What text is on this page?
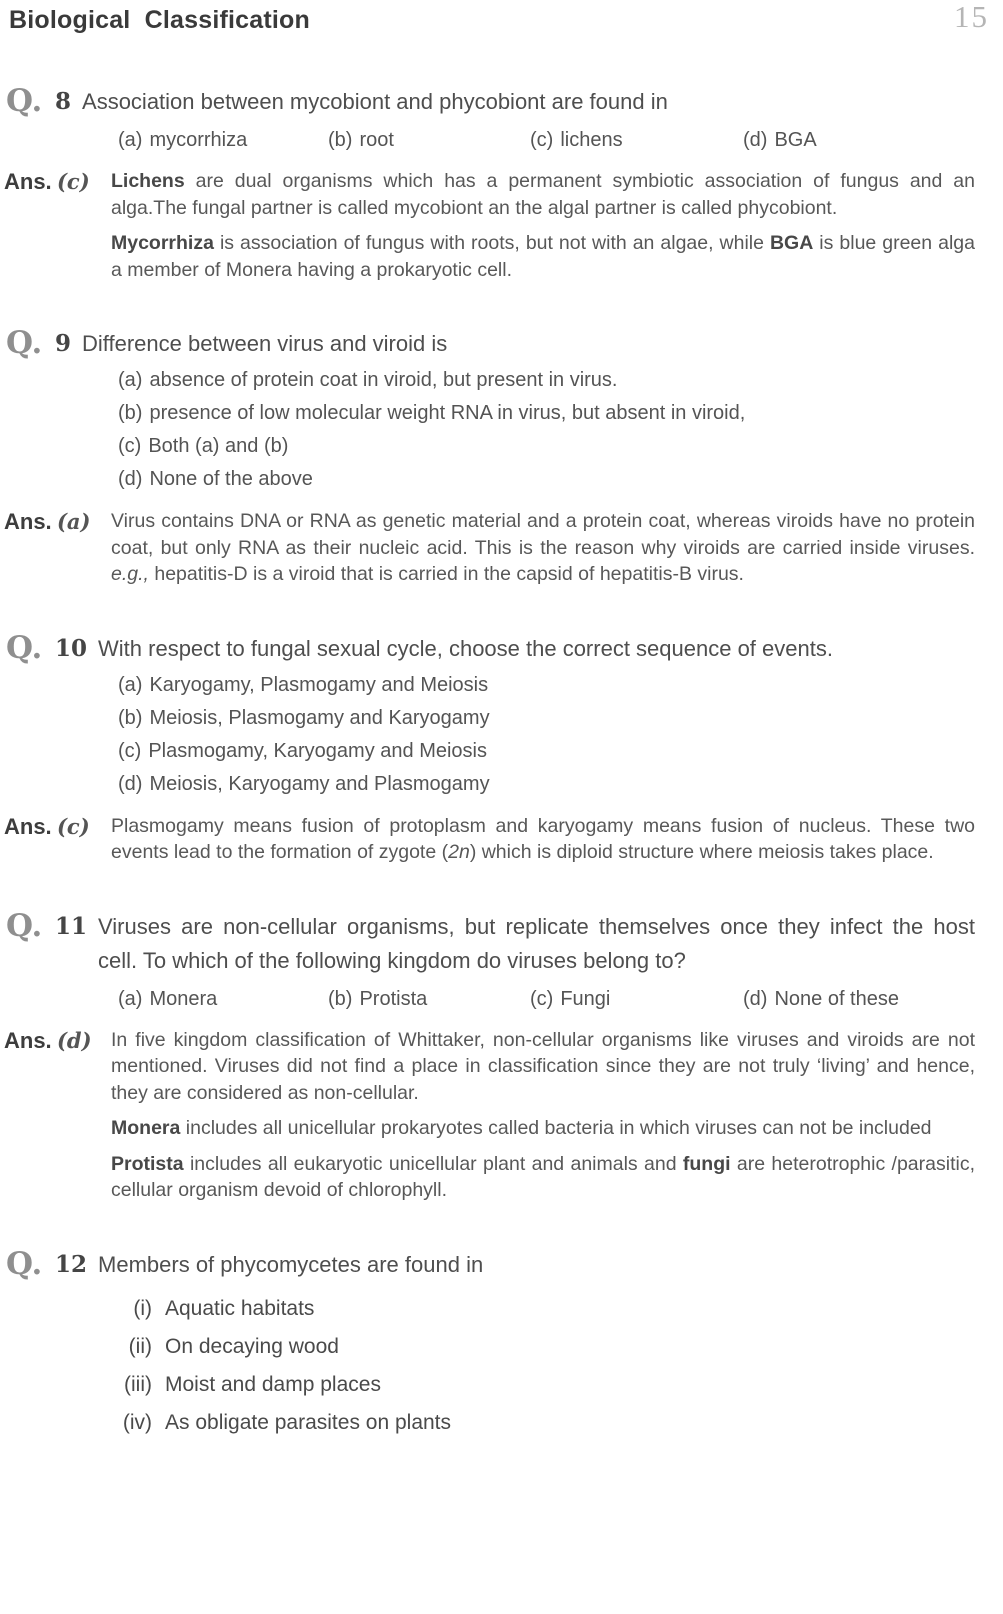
Biological Classification	15
Q. 8 Association between mycobiont and phycobiont are found in
(a) mycorrhiza	(b) root	(c) lichens	(d) BGA
Ans. (c)	Lichens are dual organisms which has a permanent symbiotic association of fungus and an alga.The fungal partner is called mycobiont an the algal partner is called phycobiont.

Mycorrhiza is association of fungus with roots, but not with an algae, while BGA is blue green alga a member of Monera having a prokaryotic cell.

Q. 9 Difference between virus and viroid is
(a) absence of protein coat in viroid, but present in virus.
(b) presence of low molecular weight RNA in virus, but absent in viroid,
(c) Both (a) and (b)
(d) None of the above
Ans. (a)	Virus contains DNA or RNA as genetic material and a protein coat, whereas viroids have no protein coat, but only RNA as their nucleic acid. This is the reason why viroids are carried inside viruses. e.g., hepatitis-D is a viroid that is carried in the capsid of hepatitis-B virus.

Q. 10 With respect to fungal sexual cycle, choose the correct sequence of events.
(a) Karyogamy, Plasmogamy and Meiosis
(b) Meiosis, Plasmogamy and Karyogamy
(c) Plasmogamy, Karyogamy and Meiosis
(d) Meiosis, Karyogamy and Plasmogamy
Ans. (c)	Plasmogamy means fusion of protoplasm and karyogamy means fusion of nucleus. These two events lead to the formation of zygote (2n) which is diploid structure where meiosis takes place.

Q. 11 Viruses are non-cellular organisms, but replicate themselves once they infect the host cell. To which of the following kingdom do viruses belong to?
(a) Monera	(b) Protista	(c) Fungi	(d) None of these
Ans. (d) In five kingdom classification of Whittaker, non-cellular organisms like viruses and viroids are not mentioned. Viruses did not find a place in classification since they are not truly ‘living’ and hence, they are considered as non-cellular.

Monera includes all unicellular prokaryotes called bacteria in which viruses can not be included

Protista includes all eukaryotic unicellular plant and animals and fungi are heterotrophic /parasitic, cellular organism devoid of chlorophyll.

Q. 12 Members of phycomycetes are found in
(i) Aquatic habitats
(ii) On decaying wood
(iii) Moist and damp places
(iv) As obligate parasites on plants
